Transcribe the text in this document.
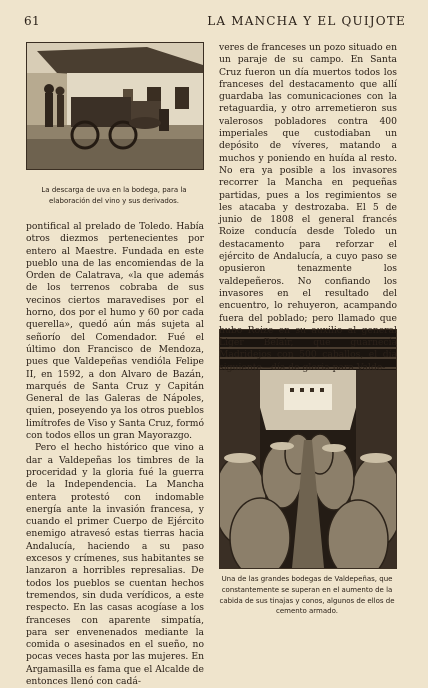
61	LA MANCHA Y EL QUIJOTE
La descarga de uva en la bodega, para la elaboración del vino y sus derivados.
Una de las grandes bodegas de Valdepeñas, que constantemente se superan en el aumento de la cabida de sus tinajas y conos, algunos de ellos de cemento armado.

pontifical al prelado de Toledo. Había otros diezmos pertenecientes por entero al Maestre. Fundada en este pueblo una de las encomiendas de la Orden de Calatrava, «la que además de los terrenos cobraba de sus vecinos ciertos maravedises por el horno, dos por el humo y 60 por cada querella», quedó aún más sujeta al señorío del Comendador. Fué el último don Francisco de Mendoza, pues que Valdepeñas vendióla Felipe II, en 1592, a don Alvaro de Bazán, marqués de Santa Cruz y Capitán General de las Galeras de Nápoles, quien, poseyendo ya los otros pueblos limítrofes de Viso y Santa Cruz, formó con todos ellos un gran Mayorazgo.

Pero el hecho histórico que vino a dar a Valdepeñas los timbres de la proceridad y la gloria fué la guerra de la Independencia. La Mancha entera protestó con indomable energía ante la invasión francesa, y cuando el primer Cuerpo de Ejército enemigo atravesó estas tierras hacia Andalucía, haciendo a su paso excesos y crímenes, sus habitantes se lanzaron a horribles represalias. De todos los pueblos se cuentan hechos tremendos, sin duda verídicos, a este respecto. En las casas acogíase a los franceses con aparente simpatía, para ser envenenados mediante la comida o asesinados en el sueño, no pocas veces hasta por las mujeres. En Argamasilla es fama que el Alcalde de entonces llenó con cadá-

veres de franceses un pozo situado en un paraje de su campo. En Santa Cruz fueron un día muertos todos los franceses del destacamento que allí guardaba las comunicaciones con la retaguardia, y otro arremetieron sus valerosos pobladores contra 400 imperiales que custodiaban un depósito de víveres, matando a muchos y poniendo en huída al resto. No era ya posible a los invasores recorrer la Mancha en pequeñas partidas, pues a los regimientos se les atacaba y destrozaba. El 5 de junio de 1808 el general francés Roize conducía desde Toledo un destacamento para reforzar el ejército de Andalucía, a cuyo paso se opusieron tenazmente los valdepeñeros. No confiando los invasores en el resultado del encuentro, lo rehuyeron, acampando fuera del poblado; pero llamado que hubo Roize en su auxilio al general Liger Belair, que guarnecía Madridejos con 500 caballos, el día siguiente—día de gloria para Valde-
